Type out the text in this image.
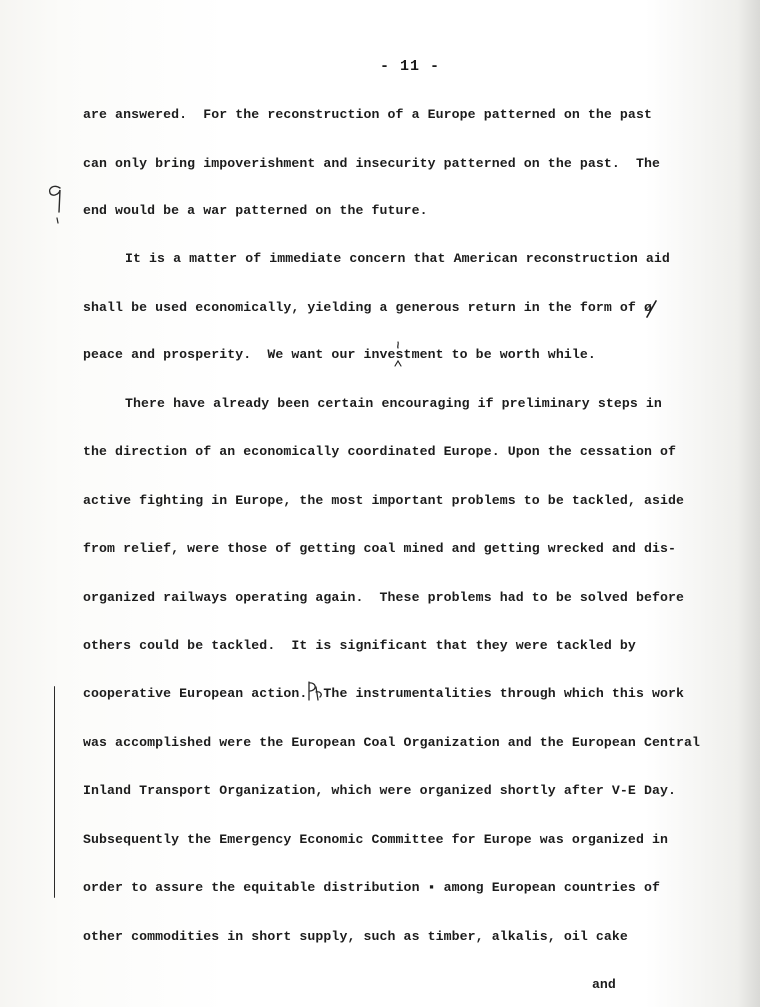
- 11 -
are answered.  For the reconstruction of a Europe patterned on the past
can only bring impoverishment and insecurity patterned on the past.  The
end would be a war patterned on the future.
It is a matter of immediate concern that American reconstruction aid
shall be used economically, yielding a generous return in the form of ø
peace and prosperity.  We want our investment to be worth while.
There have already been certain encouraging if preliminary steps in
the direction of an economically coordinated Europe. Upon the cessation of
active fighting in Europe, the most important problems to be tackled, aside
from relief, were those of getting coal mined and getting wrecked and dis-
organized railways operating again.  These problems had to be solved before
others could be tackled.  It is significant that they were tackled by
cooperative European action.  The instrumentalities through which this work
was accomplished were the European Coal Organization and the European Central
Inland Transport Organization, which were organized shortly after V-E Day.
Subsequently the Emergency Economic Committee for Europe was organized in
order to assure the equitable distribution ▪ among European countries of
other commodities in short supply, such as timber, alkalis, oil cake
and
